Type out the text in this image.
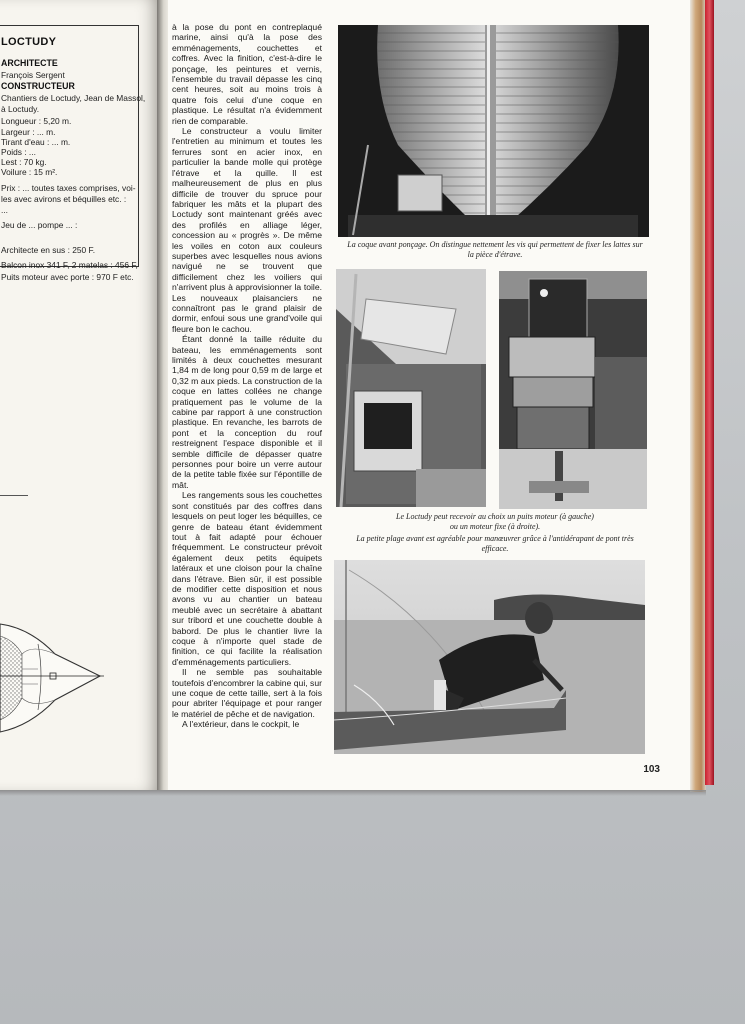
LOCTUDY
ARCHITECTE
François Sergent
CONSTRUCTEUR
Chantiers de Loctudy, Jean de Massol,
à Loctudy.
Longueur : 5,20 m.
Largeur : ... m.
Tirant d'eau : ... m.
Poids : ...
Lest : 70 kg.
Voilure : 15 m².
Prix : ... toutes taxes comprises, voi-
les avec avirons et béquilles etc. :
...
Jeu de ... pompe ... :
Architecte en sus : 250 F.
Balcon inox 341 F, 2 matelas : 456 F,
Puits moteur avec porte : 970 F etc.

à la pose du pont en contreplaqué marine, ainsi qu'à la pose des emménagements, couchettes et coffres. Avec la finition, c'est-à-dire le ponçage, les peintures et vernis, l'ensemble du travail dépasse les cinq cent heures, soit au moins trois à quatre fois celui d'une coque en plastique. Le résultat n'a évidemment rien de comparable.

Le constructeur a voulu limiter l'entretien au minimum et toutes les ferrures sont en acier inox, en particulier la bande molle qui protège l'étrave et la quille. Il est malheureusement de plus en plus difficile de trouver du spruce pour fabriquer les mâts et la plupart des Loctudy sont maintenant gréés avec des profilés en alliage léger, concession au « progrès ». De même les voiles en coton aux couleurs superbes avec lesquelles nous avions navigué ne se trouvent que difficilement chez les voiliers qui n'arrivent plus à approvisionner la toile. Les nouveaux plaisanciers ne connaîtront pas le grand plaisir de dormir, enfoui sous une grand'voile qui fleure bon le cachou.

Étant donné la taille réduite du bateau, les emménagements sont limités à deux couchettes mesurant 1,84 m de long pour 0,59 m de large et 0,32 m aux pieds. La construction de la coque en lattes collées ne change pratiquement pas le volume de la cabine par rapport à une construction plastique. En revanche, les barrots de pont et la conception du rouf restreignent l'espace disponible et il semble difficile de dépasser quatre personnes pour boire un verre autour de la petite table fixée sur l'épontille de mât.

Les rangements sous les couchettes sont constitués par des coffres dans lesquels on peut loger les béquilles, ce genre de bateau étant évidemment tout à fait adapté pour échouer fréquemment. Le constructeur prévoit également deux petits équipets latéraux et une cloison pour la chaîne dans l'étrave. Bien sûr, il est possible de modifier cette disposition et nous avons vu au chantier un bateau meublé avec un secrétaire à abattant sur tribord et une couchette double à babord. De plus le chantier livre la coque à n'importe quel stade de finition, ce qui facilite la réalisation d'emménagements particuliers.

Il ne semble pas souhaitable toutefois d'encombrer la cabine qui, sur une coque de cette taille, sert à la fois pour abriter l'équipage et pour ranger le matériel de pêche et de navigation.

A l'extérieur, dans le cockpit, le

La coque avant ponçage. On distingue nettement les vis qui permettent de fixer les lattes sur la pièce d'étrave.
Le Loctudy peut recevoir au choix un puits moteur (à gauche)
ou un moteur fixe (à droite).
La petite plage avant est agréable pour manœuvrer grâce à l'antidérapant de pont très efficace.
103
